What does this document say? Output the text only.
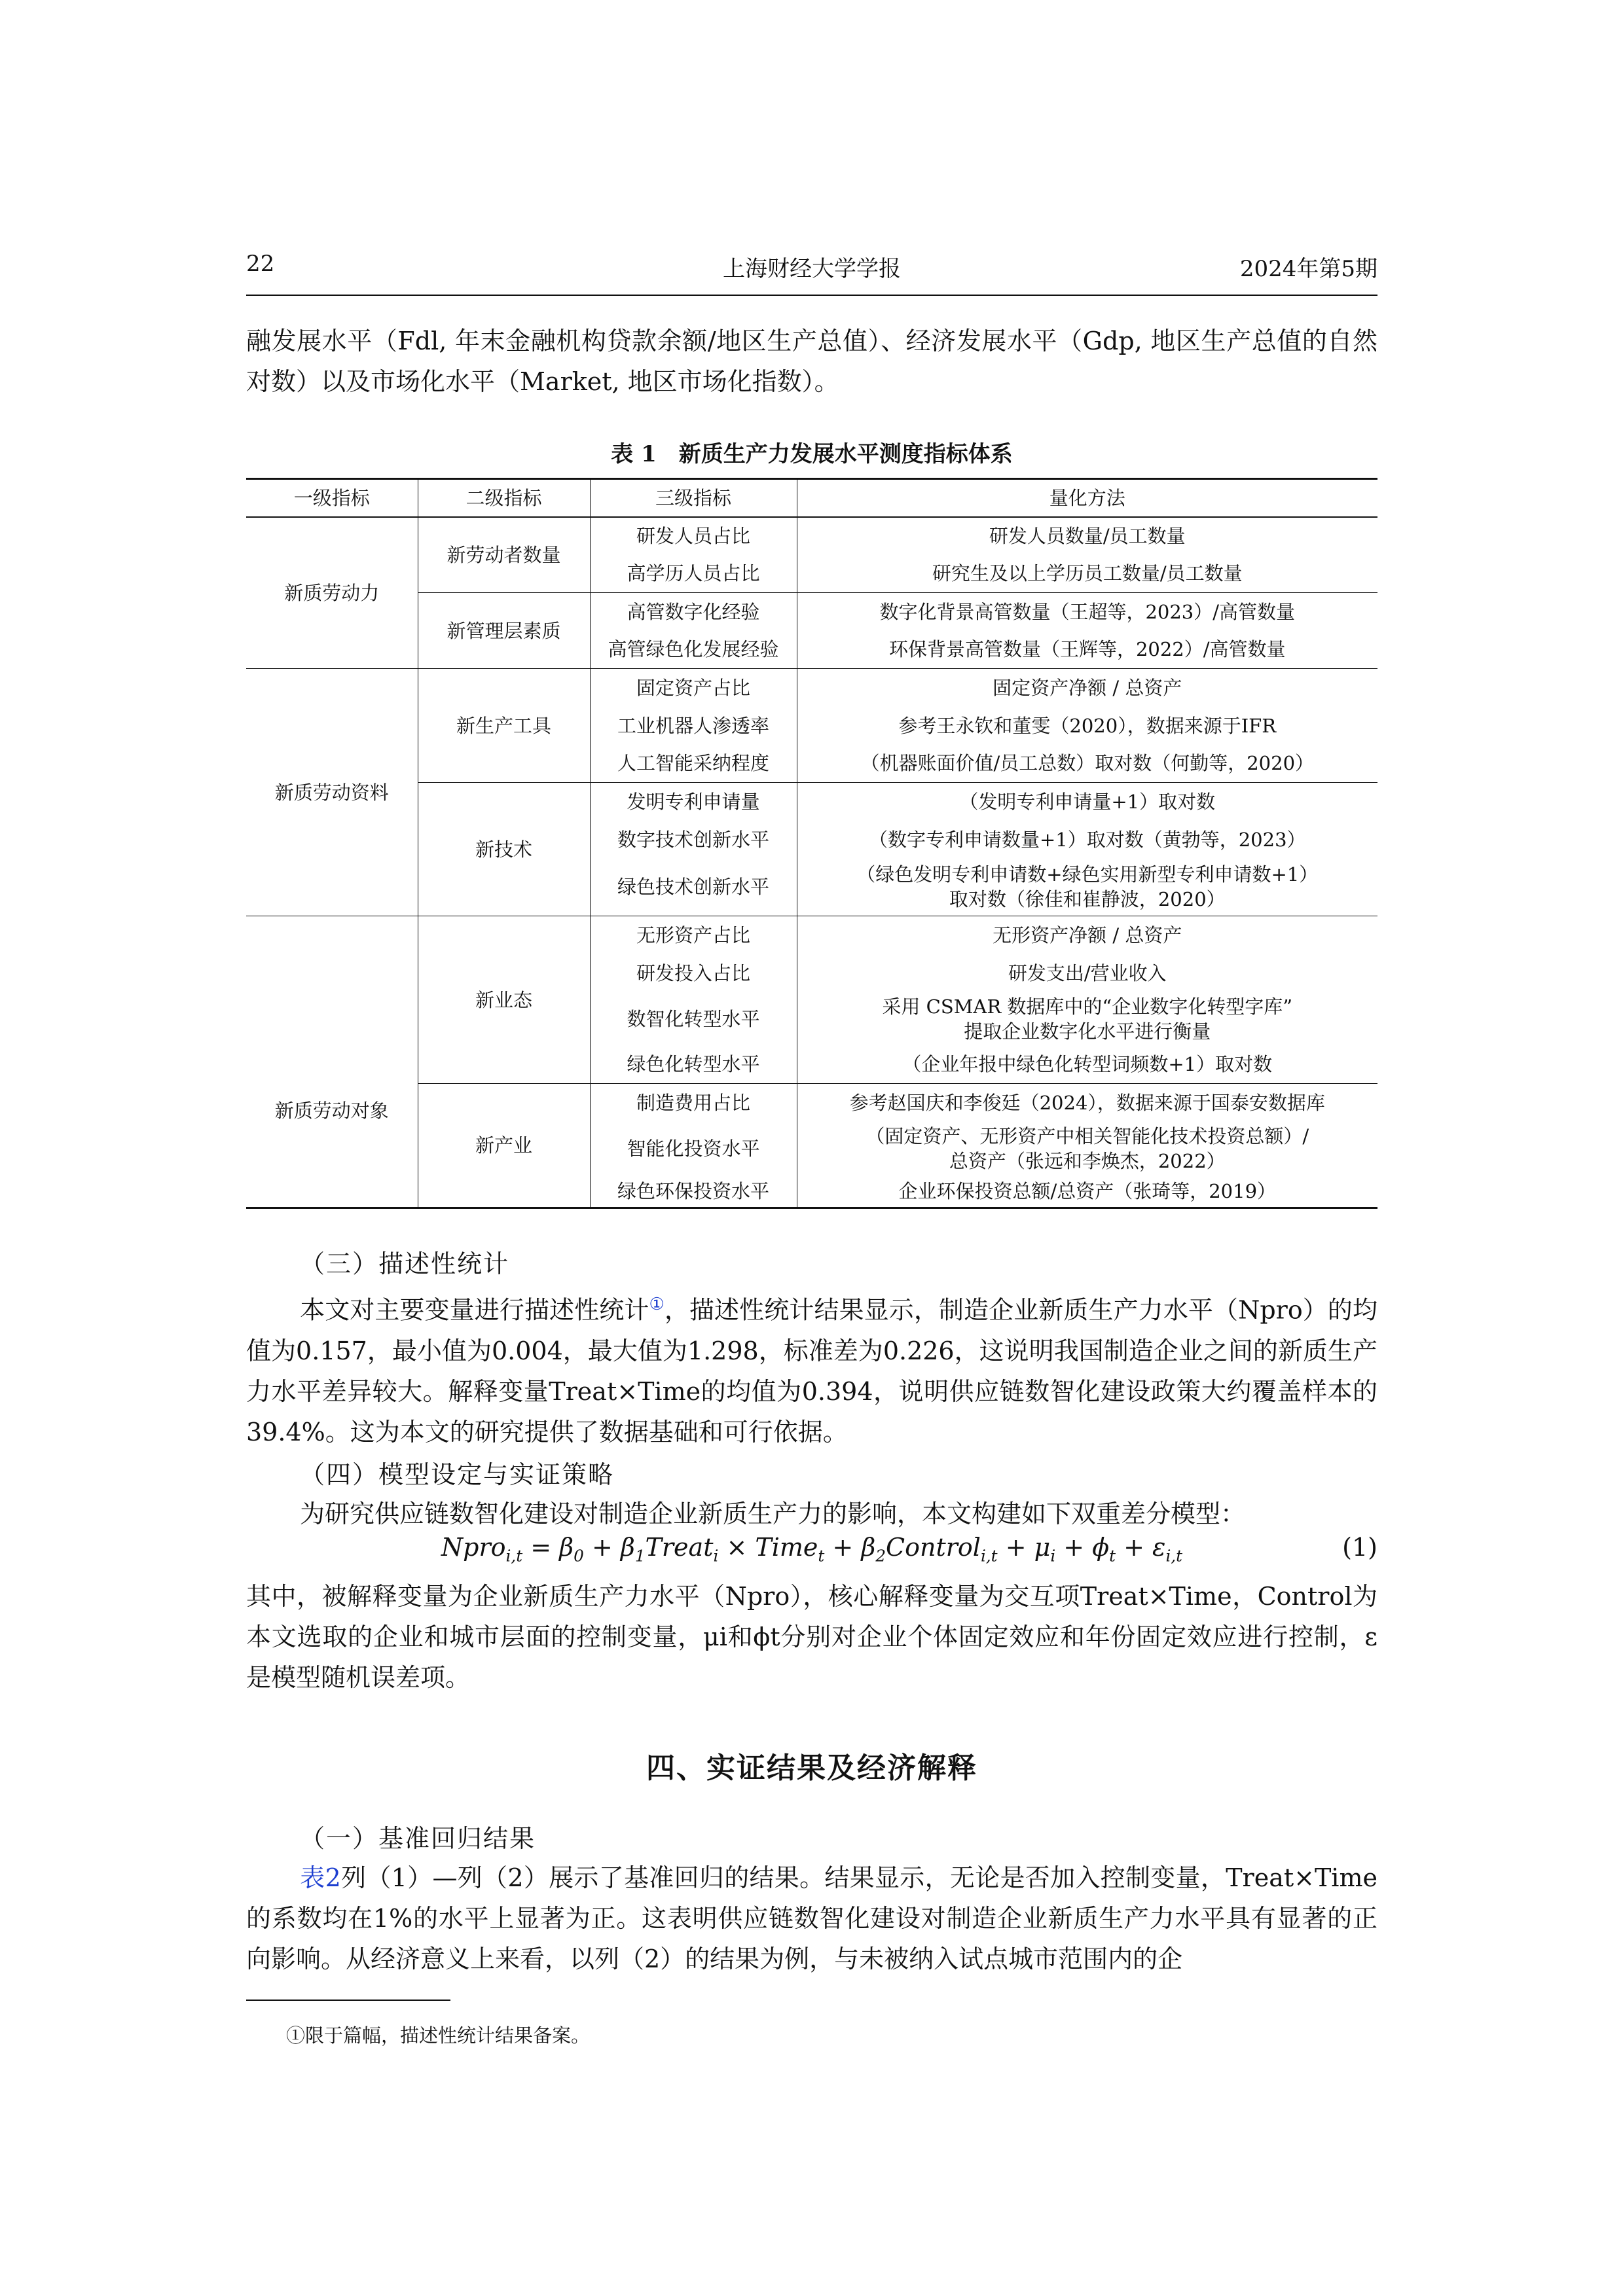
22	上海财经大学学报	2024年第5期
融发展水平（Fdl, 年末金融机构贷款余额/地区生产总值）、经济发展水平（Gdp, 地区生产总值的自然对数）以及市场化水平（Market, 地区市场化指数）。
表 1　新质生产力发展水平测度指标体系
一级指标	二级指标	三级指标	量化方法
新质劳动力	新劳动者数量	研发人员占比	研发人员数量/员工数量
		高学历人员占比	研究生及以上学历员工数量/员工数量
	新管理层素质	高管数字化经验	数字化背景高管数量（王超等，2023）/高管数量
		高管绿色化发展经验	环保背景高管数量（王辉等，2022）/高管数量
新质劳动资料	新生产工具	固定资产占比	固定资产净额 / 总资产
		工业机器人渗透率	参考王永钦和董雯（2020），数据来源于IFR
		人工智能采纳程度	（机器账面价值/员工总数）取对数（何勤等，2020）
	新技术	发明专利申请量	（发明专利申请量+1）取对数
		数字技术创新水平	（数字专利申请数量+1）取对数（黄勃等，2023）
		绿色技术创新水平	（绿色发明专利申请数+绿色实用新型专利申请数+1）
取对数（徐佳和崔静波，2020）
新质劳动对象	新业态	无形资产占比	无形资产净额 / 总资产
		研发投入占比	研发支出/营业收入
		数智化转型水平	采用 CSMAR 数据库中的“企业数字化转型字库”
提取企业数字化水平进行衡量
		绿色化转型水平	（企业年报中绿色化转型词频数+1）取对数
	新产业	制造费用占比	参考赵国庆和李俊廷（2024），数据来源于国泰安数据库
		智能化投资水平	（固定资产、无形资产中相关智能化技术投资总额）/
总资产（张远和李焕杰，2022）
		绿色环保投资水平	企业环保投资总额/总资产（张琦等，2019）
（三）描述性统计
本文对主要变量进行描述性统计①，描述性统计结果显示，制造企业新质生产力水平（Npro）的均值为0.157，最小值为0.004，最大值为1.298，标准差为0.226，这说明我国制造企业之间的新质生产力水平差异较大。解释变量Treat×Time的均值为0.394，说明供应链数智化建设政策大约覆盖样本的39.4%。这为本文的研究提供了数据基础和可行依据。
（四）模型设定与实证策略
为研究供应链数智化建设对制造企业新质生产力的影响，本文构建如下双重差分模型：
Npro$_{i,t}$ = $\beta_0$ + $\beta_1Treat_i$ × Time$_t$ + $\beta_2Control_{i,t} + \mu_i + \phi_t + \varepsilon_{i,t}$	(1)
其中，被解释变量为企业新质生产力水平（Npro），核心解释变量为交互项Treat×Time，Control为本文选取的企业和城市层面的控制变量，μi和ϕt分别对企业个体固定效应和年份固定效应进行控制，ε是模型随机误差项。
四、实证结果及经济解释
（一）基准回归结果
表2列（1）—列（2）展示了基准回归的结果。结果显示，无论是否加入控制变量，Treat×Time的系数均在1%的水平上显著为正。这表明供应链数智化建设对制造企业新质生产力水平具有显著的正向影响。从经济意义上来看，以列（2）的结果为例，与未被纳入试点城市范围内的企
①限于篇幅，描述性统计结果备案。
